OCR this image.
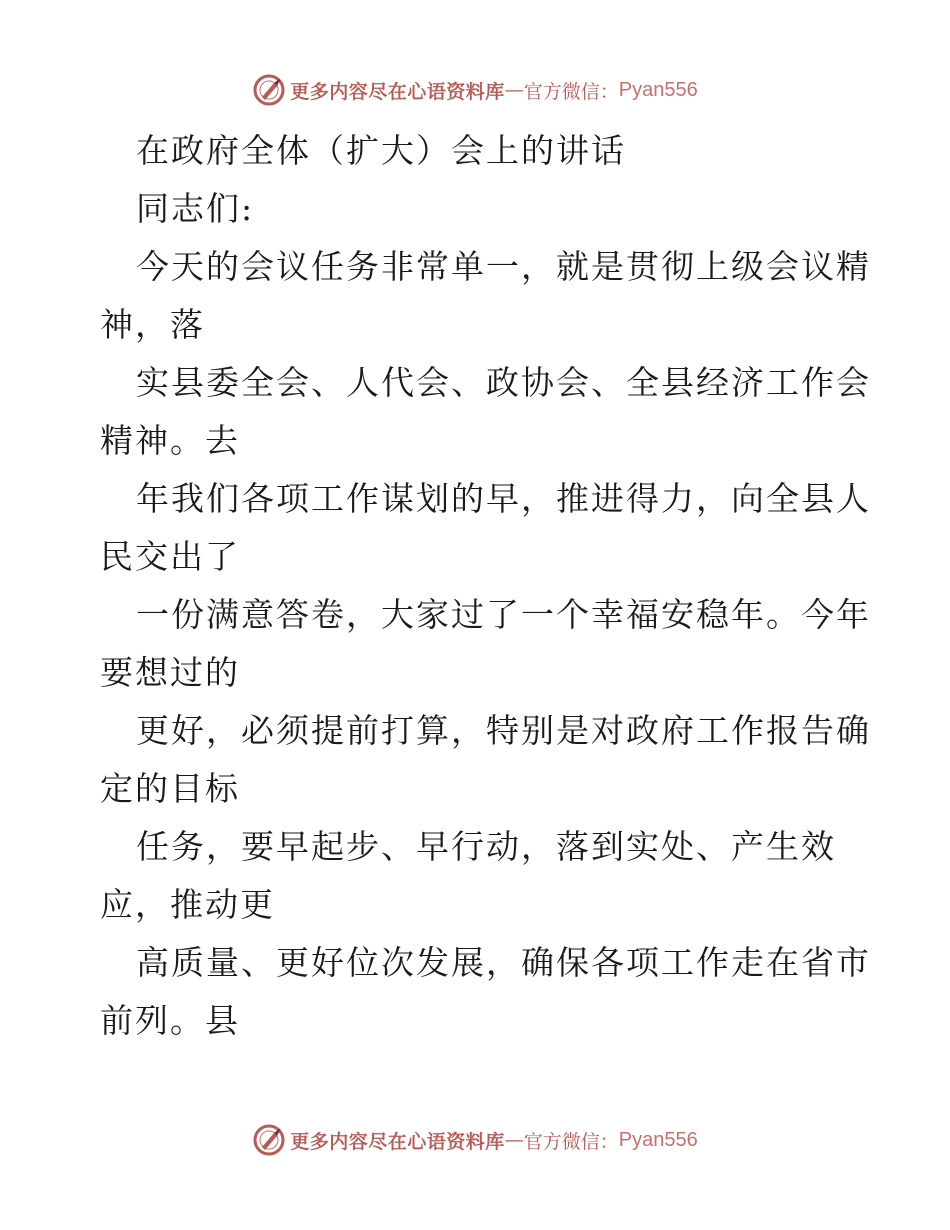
更多内容尽在心语资料库 — 官方微信： Pyan556
在政府全体（扩大）会上的讲话
同志们:
今天的会议任务非常单一，就是贯彻上级会议精
神，落
实县委全会、人代会、政协会、全县经济工作会
精神。去
年我们各项工作谋划的早，推进得力，向全县人
民交出了
一份满意答卷，大家过了一个幸福安稳年。今年
要想过的
更好，必须提前打算，特别是对政府工作报告确
定的目标
任务，要早起步、早行动，落到实处、产生效
应，推动更
高质量、更好位次发展，确保各项工作走在省市
前列。县
更多内容尽在心语资料库 — 官方微信： Pyan556
